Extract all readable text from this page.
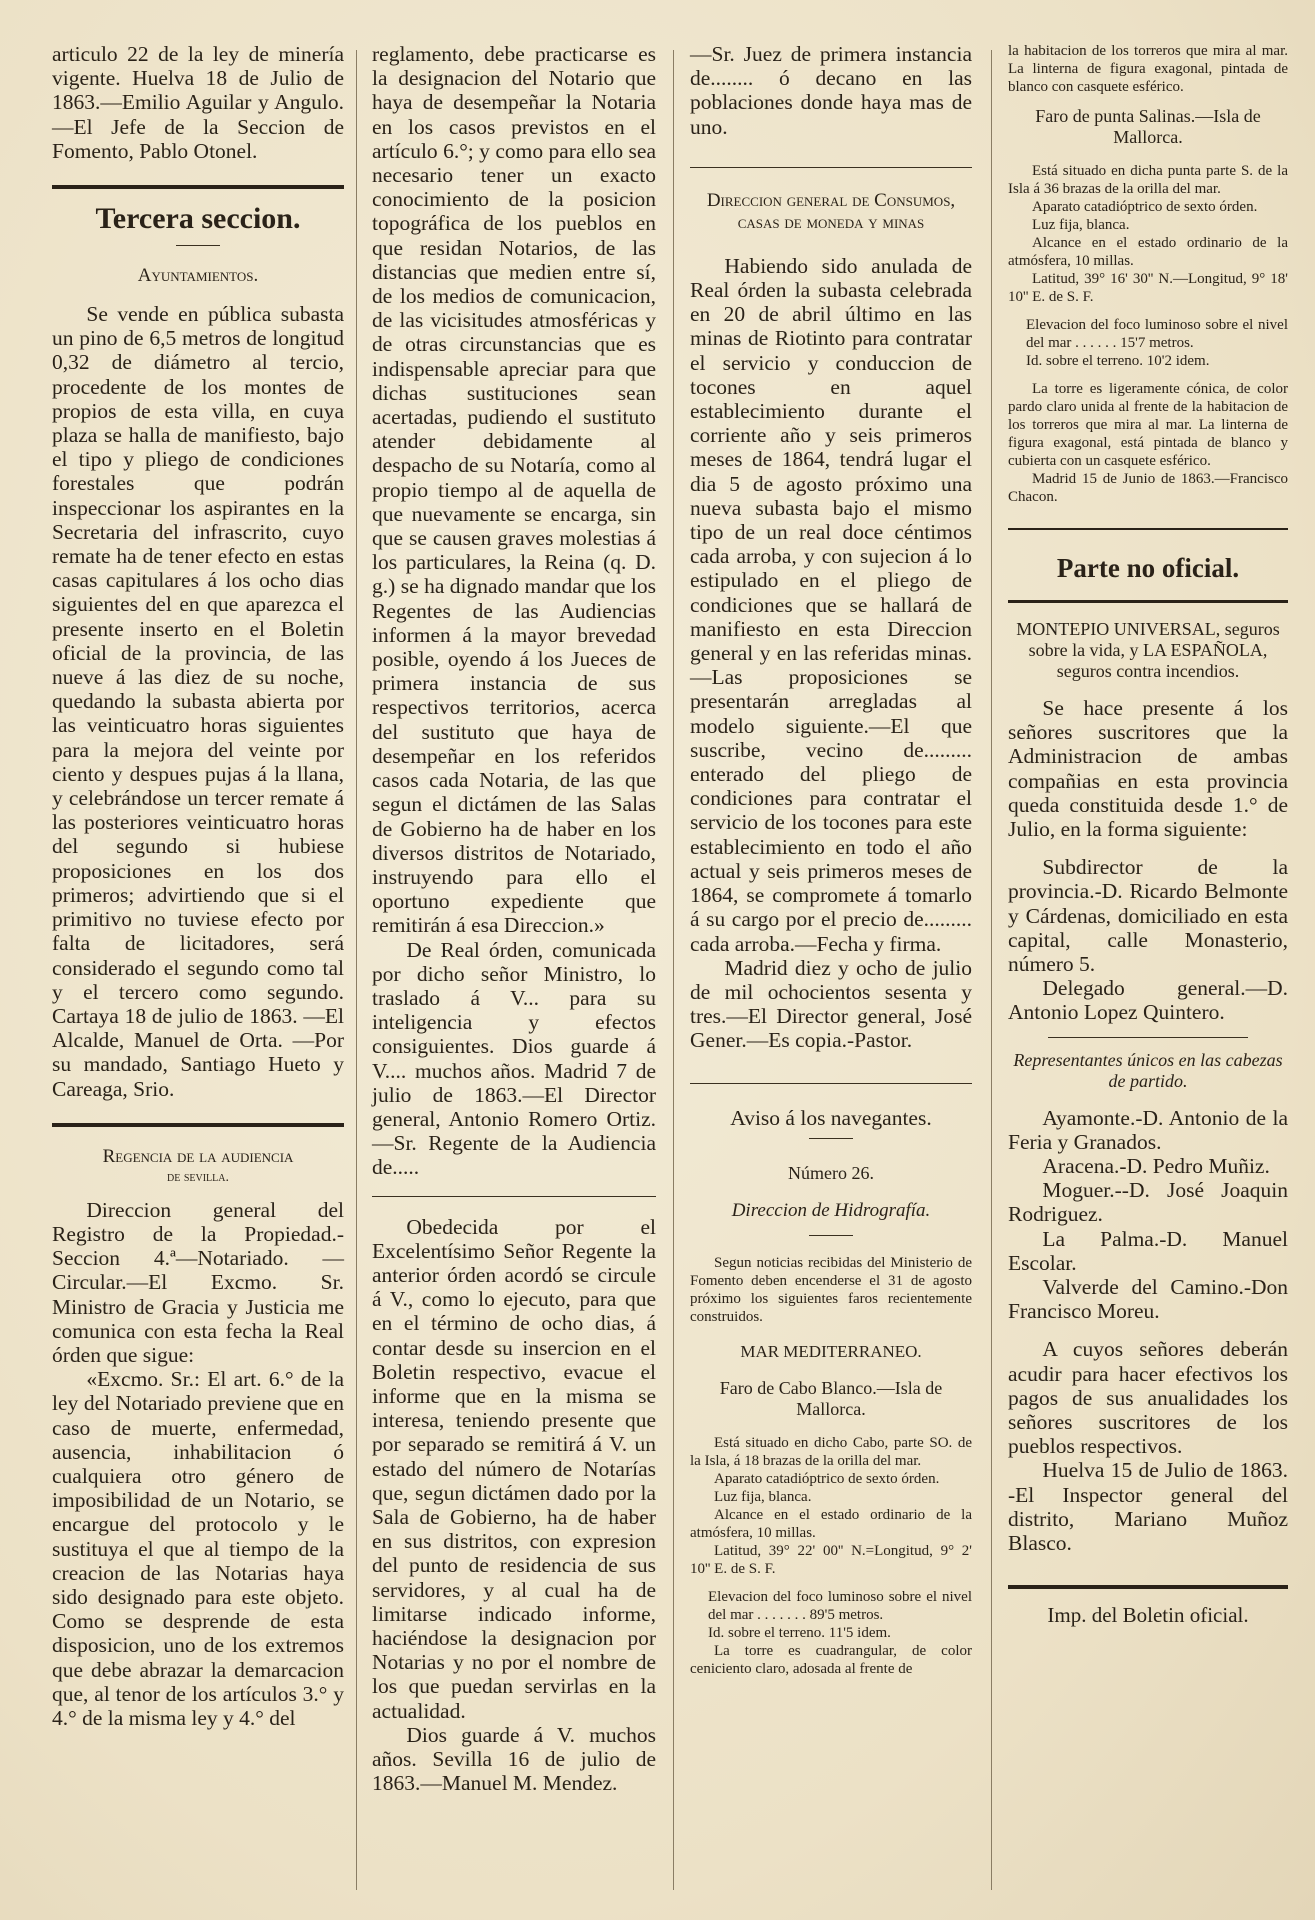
articulo 22 de la ley de minería vigente. Huelva 18 de Julio de 1863.—Emilio Aguilar y Angulo.—El Jefe de la Seccion de Fomento, Pablo Otonel.

Tercera seccion.

Ayuntamientos.

Se vende en pública subasta un pino de 6,5 metros de longitud 0,32 de diámetro al tercio, procedente de los montes de propios de esta villa, en cuya plaza se halla de manifiesto, bajo el tipo y pliego de condiciones forestales que podrán inspeccionar los aspirantes en la Secretaria del infrascrito, cuyo remate ha de tener efecto en estas casas capitulares á los ocho dias siguientes del en que aparezca el presente inserto en el Boletin oficial de la provincia, de las nueve á las diez de su noche, quedando la subasta abierta por las veinticuatro horas siguientes para la mejora del veinte por ciento y despues pujas á la llana, y celebrándose un tercer remate á las posteriores veinticuatro horas del segundo si hubiese proposiciones en los dos primeros; advirtiendo que si el primitivo no tuviese efecto por falta de licitadores, será considerado el segundo como tal y el tercero como segundo. Cartaya 18 de julio de 1863. —El Alcalde, Manuel de Orta. —Por su mandado, Santiago Hueto y Careaga, Srio.

Regencia de la audiencia

de sevilla.

Direccion general del Registro de la Propiedad.-Seccion 4.ª—Notariado. —Circular.—El Excmo. Sr. Ministro de Gracia y Justicia me comunica con esta fecha la Real órden que sigue:

«Excmo. Sr.: El art. 6.° de la ley del Notariado previene que en caso de muerte, enfermedad, ausencia, inhabilitacion ó cualquiera otro género de imposibilidad de un Notario, se encargue del protocolo y le sustituya el que al tiempo de la creacion de las Notarias haya sido designado para este objeto. Como se desprende de esta disposicion, uno de los extremos que debe abrazar la demarcacion que, al tenor de los artículos 3.° y 4.° de la misma ley y 4.° del

reglamento, debe practicarse es la designacion del Notario que haya de desempeñar la Notaria en los casos previstos en el artículo 6.°; y como para ello sea necesario tener un exacto conocimiento de la posicion topográfica de los pueblos en que residan Notarios, de las distancias que medien entre sí, de los medios de comunicacion, de las vicisitudes atmosféricas y de otras circunstancias que es indispensable apreciar para que dichas sustituciones sean acertadas, pudiendo el sustituto atender debidamente al despacho de su Notaría, como al propio tiempo al de aquella de que nuevamente se encarga, sin que se causen graves molestias á los particulares, la Reina (q. D. g.) se ha dignado mandar que los Regentes de las Audiencias informen á la mayor brevedad posible, oyendo á los Jueces de primera instancia de sus respectivos territorios, acerca del sustituto que haya de desempeñar en los referidos casos cada Notaria, de las que segun el dictámen de las Salas de Gobierno ha de haber en los diversos distritos de Notariado, instruyendo para ello el oportuno expediente que remitirán á esa Direccion.»

De Real órden, comunicada por dicho señor Ministro, lo traslado á V... para su inteligencia y efectos consiguientes. Dios guarde á V.... muchos años. Madrid 7 de julio de 1863.—El Director general, Antonio Romero Ortiz.—Sr. Regente de la Audiencia de.....

Obedecida por el Excelentísimo Señor Regente la anterior órden acordó se circule á V., como lo ejecuto, para que en el término de ocho dias, á contar desde su insercion en el Boletin respectivo, evacue el informe que en la misma se interesa, teniendo presente que por separado se remitirá á V. un estado del número de Notarías que, segun dictámen dado por la Sala de Gobierno, ha de haber en sus distritos, con expresion del punto de residencia de sus servidores, y al cual ha de limitarse indicado informe, haciéndose la designacion por Notarias y no por el nombre de los que puedan servirlas en la actualidad.

Dios guarde á V. muchos años. Sevilla 16 de julio de 1863.—Manuel M. Mendez.

—Sr. Juez de primera instancia de........ ó decano en las poblaciones donde haya mas de uno.

Direccion general de Consumos, casas de moneda y minas

Habiendo sido anulada de Real órden la subasta celebrada en 20 de abril último en las minas de Riotinto para contratar el servicio y conduccion de tocones en aquel establecimiento durante el corriente año y seis primeros meses de 1864, tendrá lugar el dia 5 de agosto próximo una nueva subasta bajo el mismo tipo de un real doce céntimos cada arroba, y con sujecion á lo estipulado en el pliego de condiciones que se hallará de manifiesto en esta Direccion general y en las referidas minas.—Las proposiciones se presentarán arregladas al modelo siguiente.—El que suscribe, vecino de......... enterado del pliego de condiciones para contratar el servicio de los tocones para este establecimiento en todo el año actual y seis primeros meses de 1864, se compromete á tomarlo á su cargo por el precio de......... cada arroba.—Fecha y firma.

Madrid diez y ocho de julio de mil ochocientos sesenta y tres.—El Director general, José Gener.—Es copia.-Pastor.

Aviso á los navegantes.

Número 26.

Direccion de Hidrografía.

Segun noticias recibidas del Ministerio de Fomento deben encenderse el 31 de agosto próximo los siguientes faros recientemente construidos.

MAR MEDITERRANEO.

Faro de Cabo Blanco.—Isla de Mallorca.

Está situado en dicho Cabo, parte SO. de la Isla, á 18 brazas de la orilla del mar.

Aparato catadióptrico de sexto órden.

Luz fija, blanca.

Alcance en el estado ordinario de la atmósfera, 10 millas.

Latitud, 39° 22' 00'' N.=Longitud, 9° 2' 10'' E. de S. F.

Elevacion del foco luminoso sobre el nivel del mar . . . . . . . 89'5 metros.

Id. sobre el terreno. 11'5 idem.

La torre es cuadrangular, de color ceniciento claro, adosada al frente de

la habitacion de los torreros que mira al mar. La linterna de figura exagonal, pintada de blanco con casquete esférico.

Faro de punta Salinas.—Isla de Mallorca.

Está situado en dicha punta parte S. de la Isla á 36 brazas de la orilla del mar.

Aparato catadióptrico de sexto órden.

Luz fija, blanca.

Alcance en el estado ordinario de la atmósfera, 10 millas.

Latitud, 39° 16' 30'' N.—Longitud, 9° 18' 10'' E. de S. F.

Elevacion del foco luminoso sobre el nivel del mar . . . . . . 15'7 metros.

Id. sobre el terreno. 10'2 idem.

La torre es ligeramente cónica, de color pardo claro unida al frente de la habitacion de los torreros que mira al mar. La linterna de figura exagonal, está pintada de blanco y cubierta con un casquete esférico.

Madrid 15 de Junio de 1863.—Francisco Chacon.

Parte no oficial.

MONTEPIO UNIVERSAL, seguros sobre la vida, y LA ESPAÑOLA, seguros contra incendios.

Se hace presente á los señores suscritores que la Administracion de ambas compañias en esta provincia queda constituida desde 1.° de Julio, en la forma siguiente:

Subdirector de la provincia.-D. Ricardo Belmonte y Cárdenas, domiciliado en esta capital, calle Monasterio, número 5.

Delegado general.—D. Antonio Lopez Quintero.

Representantes únicos en las cabezas de partido.

Ayamonte.-D. Antonio de la Feria y Granados.

Aracena.-D. Pedro Muñiz.

Moguer.--D. José Joaquin Rodriguez.

La Palma.-D. Manuel Escolar.

Valverde del Camino.-Don Francisco Moreu.

A cuyos señores deberán acudir para hacer efectivos los pagos de sus anualidades los señores suscritores de los pueblos respectivos.

Huelva 15 de Julio de 1863. -El Inspector general del distrito, Mariano Muñoz Blasco.

Imp. del Boletin oficial.
